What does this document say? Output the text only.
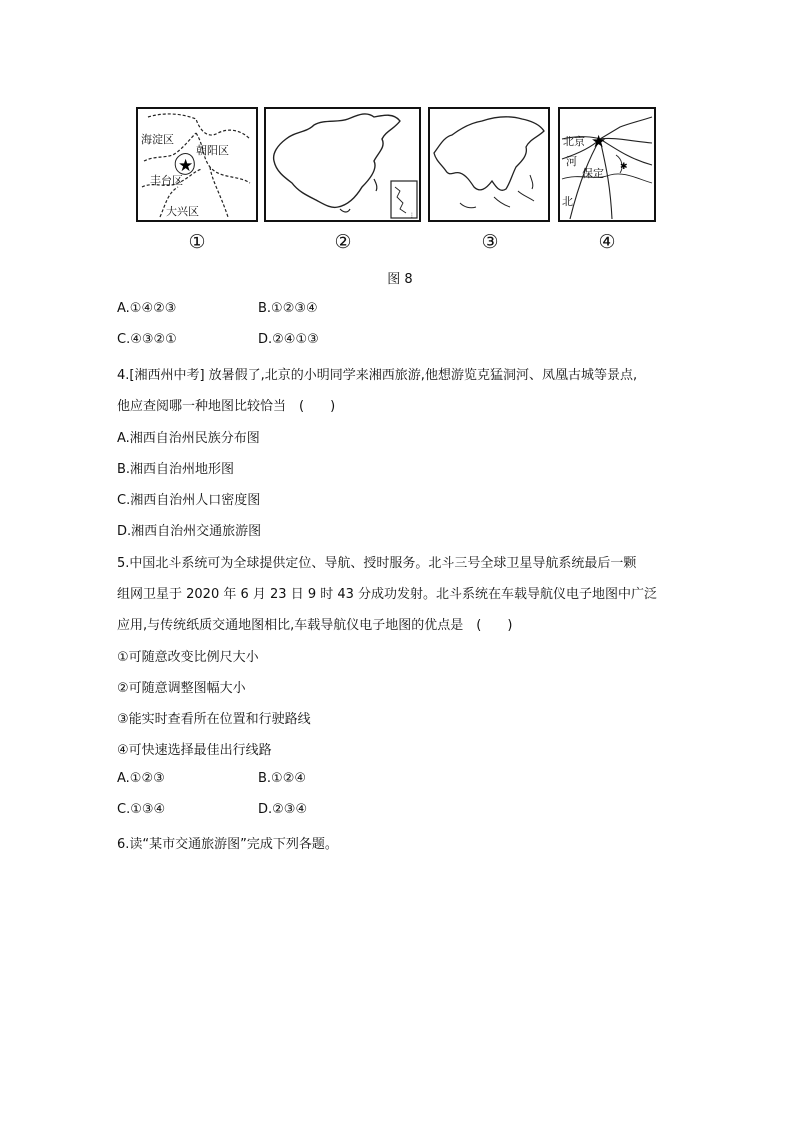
★
海淀区
朝阳区
丰台区
大兴区	⋮
★
✱
北京
保定
河
北
①	②	③	④
图 8
A.①④②③	B.①②③④
C.④③②①	D.②④①③
4.[湘西州中考] 放暑假了,北京的小明同学来湘西旅游,他想游览克猛洞河、凤凰古城等景点,
他应查阅哪一种地图比较恰当　(　　)
A.湘西自治州民族分布图
B.湘西自治州地形图
C.湘西自治州人口密度图
D.湘西自治州交通旅游图
5.中国北斗系统可为全球提供定位、导航、授时服务。北斗三号全球卫星导航系统最后一颗
组网卫星于 2020 年 6 月 23 日 9 时 43 分成功发射。北斗系统在车载导航仪电子地图中广泛
应用,与传统纸质交通地图相比,车载导航仪电子地图的优点是　(　　)
①可随意改变比例尺大小
②可随意调整图幅大小
③能实时查看所在位置和行驶路线
④可快速选择最佳出行线路
A.①②③	B.①②④
C.①③④	D.②③④
6.读“某市交通旅游图”完成下列各题。
